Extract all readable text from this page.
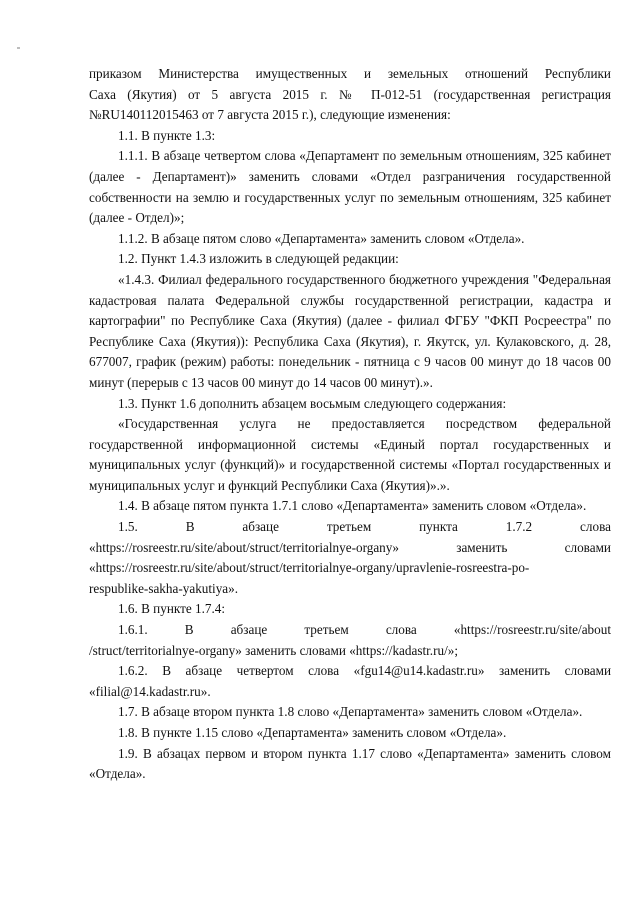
приказом Министерства имущественных и земельных отношений Республики
Саха (Якутия) от 5 августа 2015 г. № П-012-51 (государственная регистрация
№RU140112015463 от 7 августа 2015 г.), следующие изменения:

1.1. В пункте 1.3:

1.1.1. В абзаце четвертом слова «Департамент по земельным отношениям, 325 кабинет (далее - Департамент)» заменить словами «Отдел разграничения государственной собственности на землю и государственных услуг по земельным отношениям, 325 кабинет (далее - Отдел)»;

1.1.2. В абзаце пятом слово «Департамента» заменить словом «Отдела».

1.2. Пункт 1.4.3 изложить в следующей редакции:

«1.4.3. Филиал федерального государственного бюджетного учреждения "Федеральная кадастровая палата Федеральной службы государственной регистрации, кадастра и картографии" по Республике Саха (Якутия) (далее - филиал ФГБУ "ФКП Росреестра" по Республике Саха (Якутия)): Республика Саха (Якутия), г. Якутск, ул. Кулаковского, д. 28, 677007, график (режим) работы: понедельник - пятница с 9 часов 00 минут до 18 часов 00 минут (перерыв с 13 часов 00 минут до 14 часов 00 минут).».

1.3. Пункт 1.6 дополнить абзацем восьмым следующего содержания:

«Государственная услуга не предоставляется посредством федеральной государственной информационной системы «Единый портал государственных и муниципальных услуг (функций)» и государственной системы «Портал государственных и муниципальных услуг и функций Республики Саха (Якутия)».».

1.4. В абзаце пятом пункта 1.7.1 слово «Департамента» заменить словом «Отдела».

1.5. В абзаце третьем пункта 1.7.2 слова
«https://rosreestr.ru/site/about/struct/territorialnye-organy» заменить словами
«https://rosreestr.ru/site/about/struct/territorialnye-organy/upravlenie-rosreestra-po-
respublike-sakha-yakutiya».

1.6. В пункте 1.7.4:

1.6.1. В абзаце третьем слова «https://rosreestr.ru/site/about
/struct/territorialnye-organy» заменить словами «https://kadastr.ru/»;

1.6.2. В абзаце четвертом слова «fgu14@u14.kadastr.ru» заменить словами «filial@14.kadastr.ru».

1.7. В абзаце втором пункта 1.8 слово «Департамента» заменить словом «Отдела».

1.8. В пункте 1.15 слово «Департамента» заменить словом «Отдела».

1.9. В абзацах первом и втором пункта 1.17 слово «Департамента» заменить словом «Отдела».
